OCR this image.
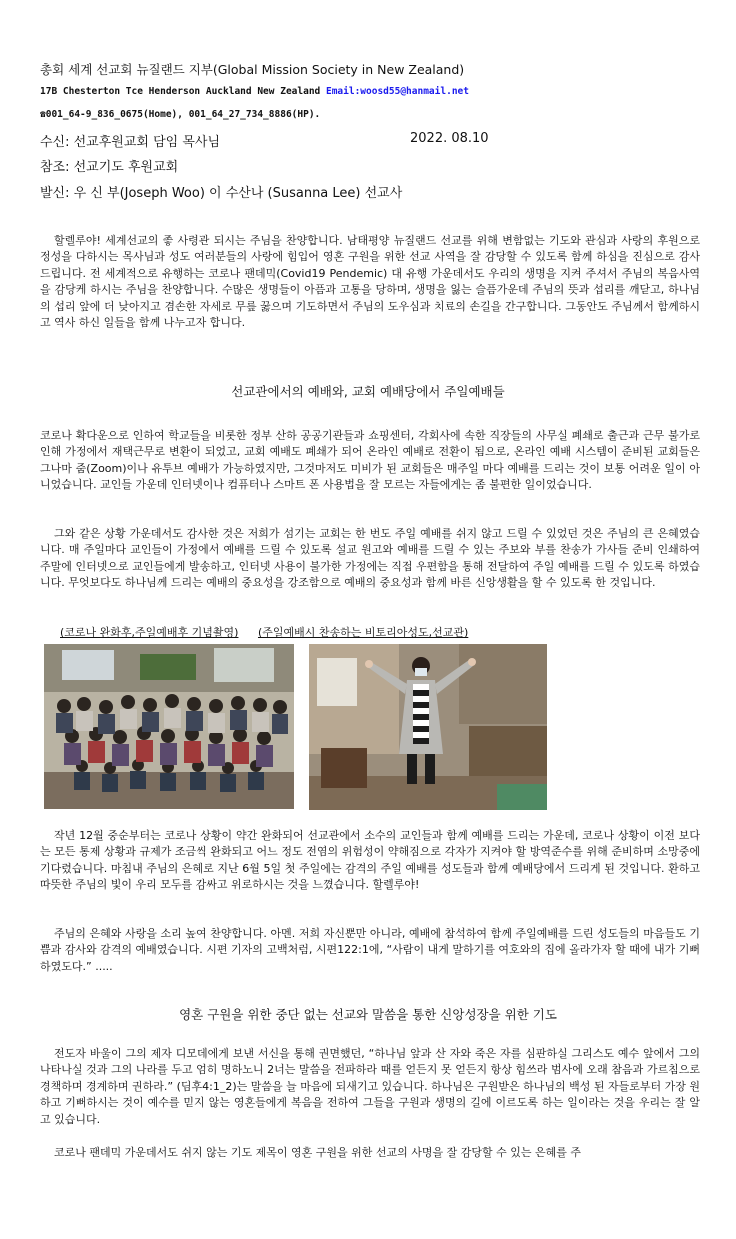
총회 세계 선교회 뉴질랜드 지부(Global Mission Society in New Zealand)
17B Chesterton Tce Henderson Auckland New Zealand Email:woosd55@hanmail.net
☎001_64-9_836_0675(Home), 001_64_27_734_8886(HP).
수신: 선교후원교회 담임 목사님	2022. 08.10
참조: 선교기도 후원교회
발신: 우 신 부(Joseph Woo) 이 수산나 (Susanna Lee) 선교사

할렐루야! 세계선교의 좋 사령관 되시는 주님을 찬양합니다. 남태평양 뉴질랜드 선교를 위해 변함없는 기도와 관심과 사랑의 후원으로 정성을 다하시는 목사님과 성도 여러분들의 사랑에 힘입어 영혼 구원을 위한 선교 사역을 잘 감당할 수 있도록 함께 하심을 진심으로 감사드립니다. 전 세계적으로 유행하는 코로나 팬데믹(Covid19 Pendemic) 대 유행 가운데서도 우리의 생명을 지켜 주셔서 주님의 복음사역을 감당케 하시는 주님을 찬양합니다. 수많은 생명들이 아픔과 고통을 당하며, 생명을 잃는 슬픔가운데 주님의 뜻과 섭리를 깨닫고, 하나님의 섭리 앞에 더 낮아지고 겸손한 자세로 무릎 꿇으며 기도하면서 주님의 도우심과 치료의 손길을 간구합니다. 그동안도 주님께서 함께하시고 역사 하신 일들을 함께 나누고자 합니다.

선교관에서의 예배와, 교회 예배당에서 주일예배들

코로나 확다운으로 인하여 학교들을 비롯한 정부 산하 공공기관들과 쇼핑센터, 각회사에 속한 직장들의 사무실 폐쇄로 출근과 근무 불가로 인해 가정에서 재택근무로 변환이 되었고, 교회 예배도 폐쇄가 되어 온라인 예배로 전환이 됨으로, 온라인 예배 시스템이 준비된 교회들은 그나마 줌(Zoom)이나 유투브 예배가 가능하였지만, 그것마저도 미비가 된 교회들은 매주일 마다 예배를 드리는 것이 보통 어려운 일이 아니었습니다. 교인들 가운데 인터넷이나 컴퓨터나 스마트 폰 사용법을 잘 모르는 자들에게는 좀 불편한 일이었습니다.

그와 같은 상황 가운데서도 감사한 것은 저희가 섬기는 교회는 한 번도 주일 예배를 쉬지 않고 드릴 수 있었던 것은 주님의 큰 은혜였습니다. 매 주일마다 교인들이 가정에서 예배를 드릴 수 있도록 설교 원고와 예배를 드릴 수 있는 주보와 부를 찬송가 가사들 준비 인쇄하여 주말에 인터넷으로 교인들에게 발송하고, 인터넷 사용이 불가한 가정에는 직접 우편함을 통해 전달하여 주일 예배를 드릴 수 있도록 하였습니다. 무엇보다도 하나님께 드리는 예배의 중요성을 강조함으로 예배의 중요성과 함께 바른 신앙생활을 할 수 있도록 한 것입니다.

(코로나 완화후,주일예배후 기념촬영) (주일예배시 찬송하는 비토리아성도,선교관)

작년 12월 중순부터는 코로나 상황이 약간 완화되어 선교관에서 소수의 교인들과 함께 예배를 드리는 가운데, 코로나 상황이 이전 보다는 모든 통제 상황과 규제가 조금씩 완화되고 어느 정도 전염의 위험성이 약해짐으로 각자가 지켜야 할 방역준수를 위해 준비하며 소망중에 기다렸습니다. 마침내 주님의 은혜로 지난 6월 5일 첫 주일에는 감격의 주일 예배를 성도들과 함께 예배당에서 드리게 된 것입니다. 환하고 따뜻한 주님의 빛이 우리 모두를 감싸고 위로하시는 것을 느꼈습니다. 할렐루야!

주님의 은혜와 사랑을 소리 높여 찬양합니다. 아멘. 저희 자신뿐만 아니라, 예배에 참석하여 함께 주일예배를 드린 성도들의 마음들도 기쁨과 감사와 감격의 예배였습니다. 시편 기자의 고백처럼, 시편122:1에, “사람이 내게 말하기를 여호와의 집에 올라가자 할 때에 내가 기뻐하였도다.” .....

영혼 구원을 위한 중단 없는 선교와 말씀을 통한 신앙성장을 위한 기도

전도자 바울이 그의 제자 디모데에게 보낸 서신을 통해 권면했던, “하나님 앞과 산 자와 죽은 자를 심판하실 그리스도 예수 앞에서 그의 나타나실 것과 그의 나라를 두고 엄히 명하노니 2너는 말씀을 전파하라 때를 얻든지 못 얻든지 항상 힘쓰라 범사에 오래 참음과 가르침으로 경책하며 경계하며 권하라.” (딤후4:1_2)는 말씀을 늘 마음에 되새기고 있습니다. 하나님은 구원받은 하나님의 백성 된 자들로부터 가장 원하고 기뻐하시는 것이 예수를 믿지 않는 영혼들에게 복음을 전하여 그들을 구원과 생명의 길에 이르도록 하는 일이라는 것을 우리는 잘 알고 있습니다.

코로나 팬데믹 가운데서도 쉬지 않는 기도 제목이 영혼 구원을 위한 선교의 사명을 잘 감당할 수 있는 은혜를 주
